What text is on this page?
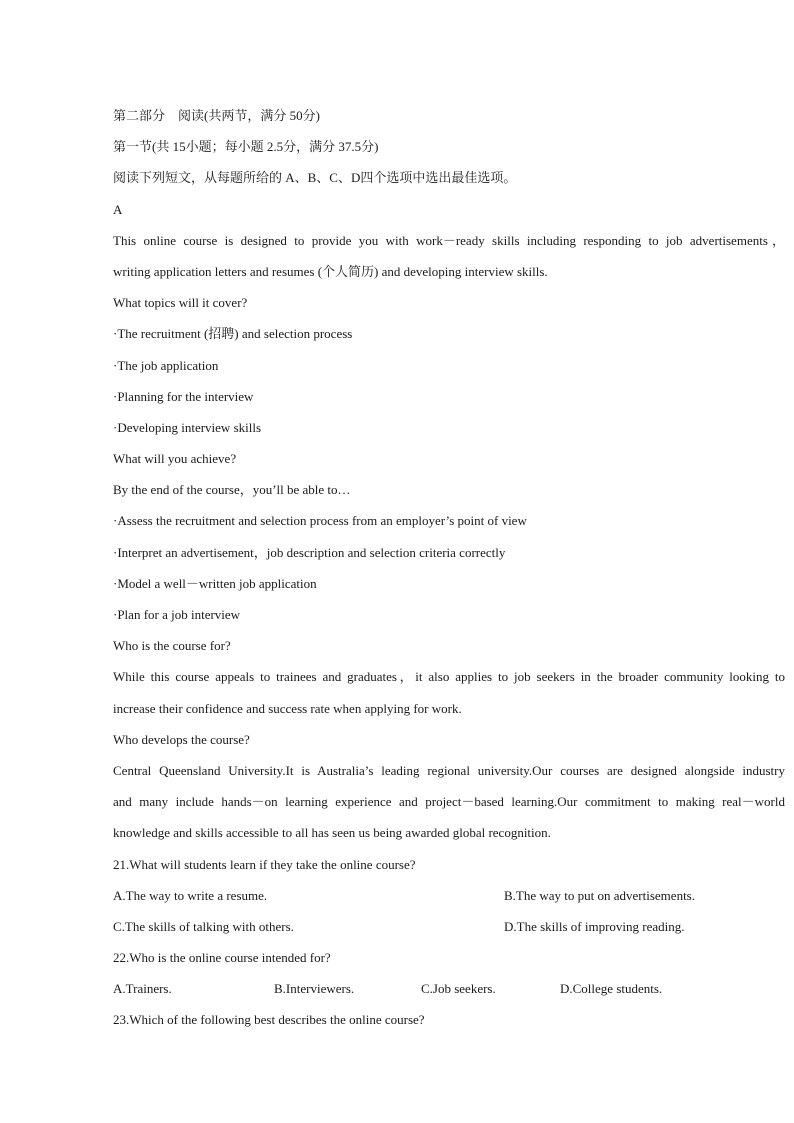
第二部分　阅读(共两节，满分 50分)
第一节(共 15小题；每小题 2.5分，满分 37.5分)
阅读下列短文，从每题所给的 A、B、C、D四个选项中选出最佳选项。
A
This online course is designed to provide you with work－ready skills including responding to job advertisements，
writing application letters and resumes (个人简历) and developing interview skills.
What topics will it cover?
·The recruitment (招聘) and selection process
·The job application
·Planning for the interview
·Developing interview skills
What will you achieve?
By the end of the course，you’ll be able to…
·Assess the recruitment and selection process from an employer’s point of view
·Interpret an advertisement，job description and selection criteria correctly
·Model a well－written job application
·Plan for a job interview
Who is the course for?
While this course appeals to trainees and graduates，it also applies to job seekers in the broader community looking to
increase their confidence and success rate when applying for work.
Who develops the course?
Central Queensland University.It is Australia’s leading regional university.Our courses are designed alongside industry
and many include hands－on learning experience and project－based learning.Our commitment to making real－world
knowledge and skills accessible to all has seen us being awarded global recognition.
21.What will students learn if they take the online course?
A.The way to write a resume.	B.The way to put on advertisements.
C.The skills of talking with others.	D.The skills of improving reading.
22.Who is the online course intended for?
A.Trainers.	B.Interviewers.	C.Job seekers.	D.College students.
23.Which of the following best describes the online course?
